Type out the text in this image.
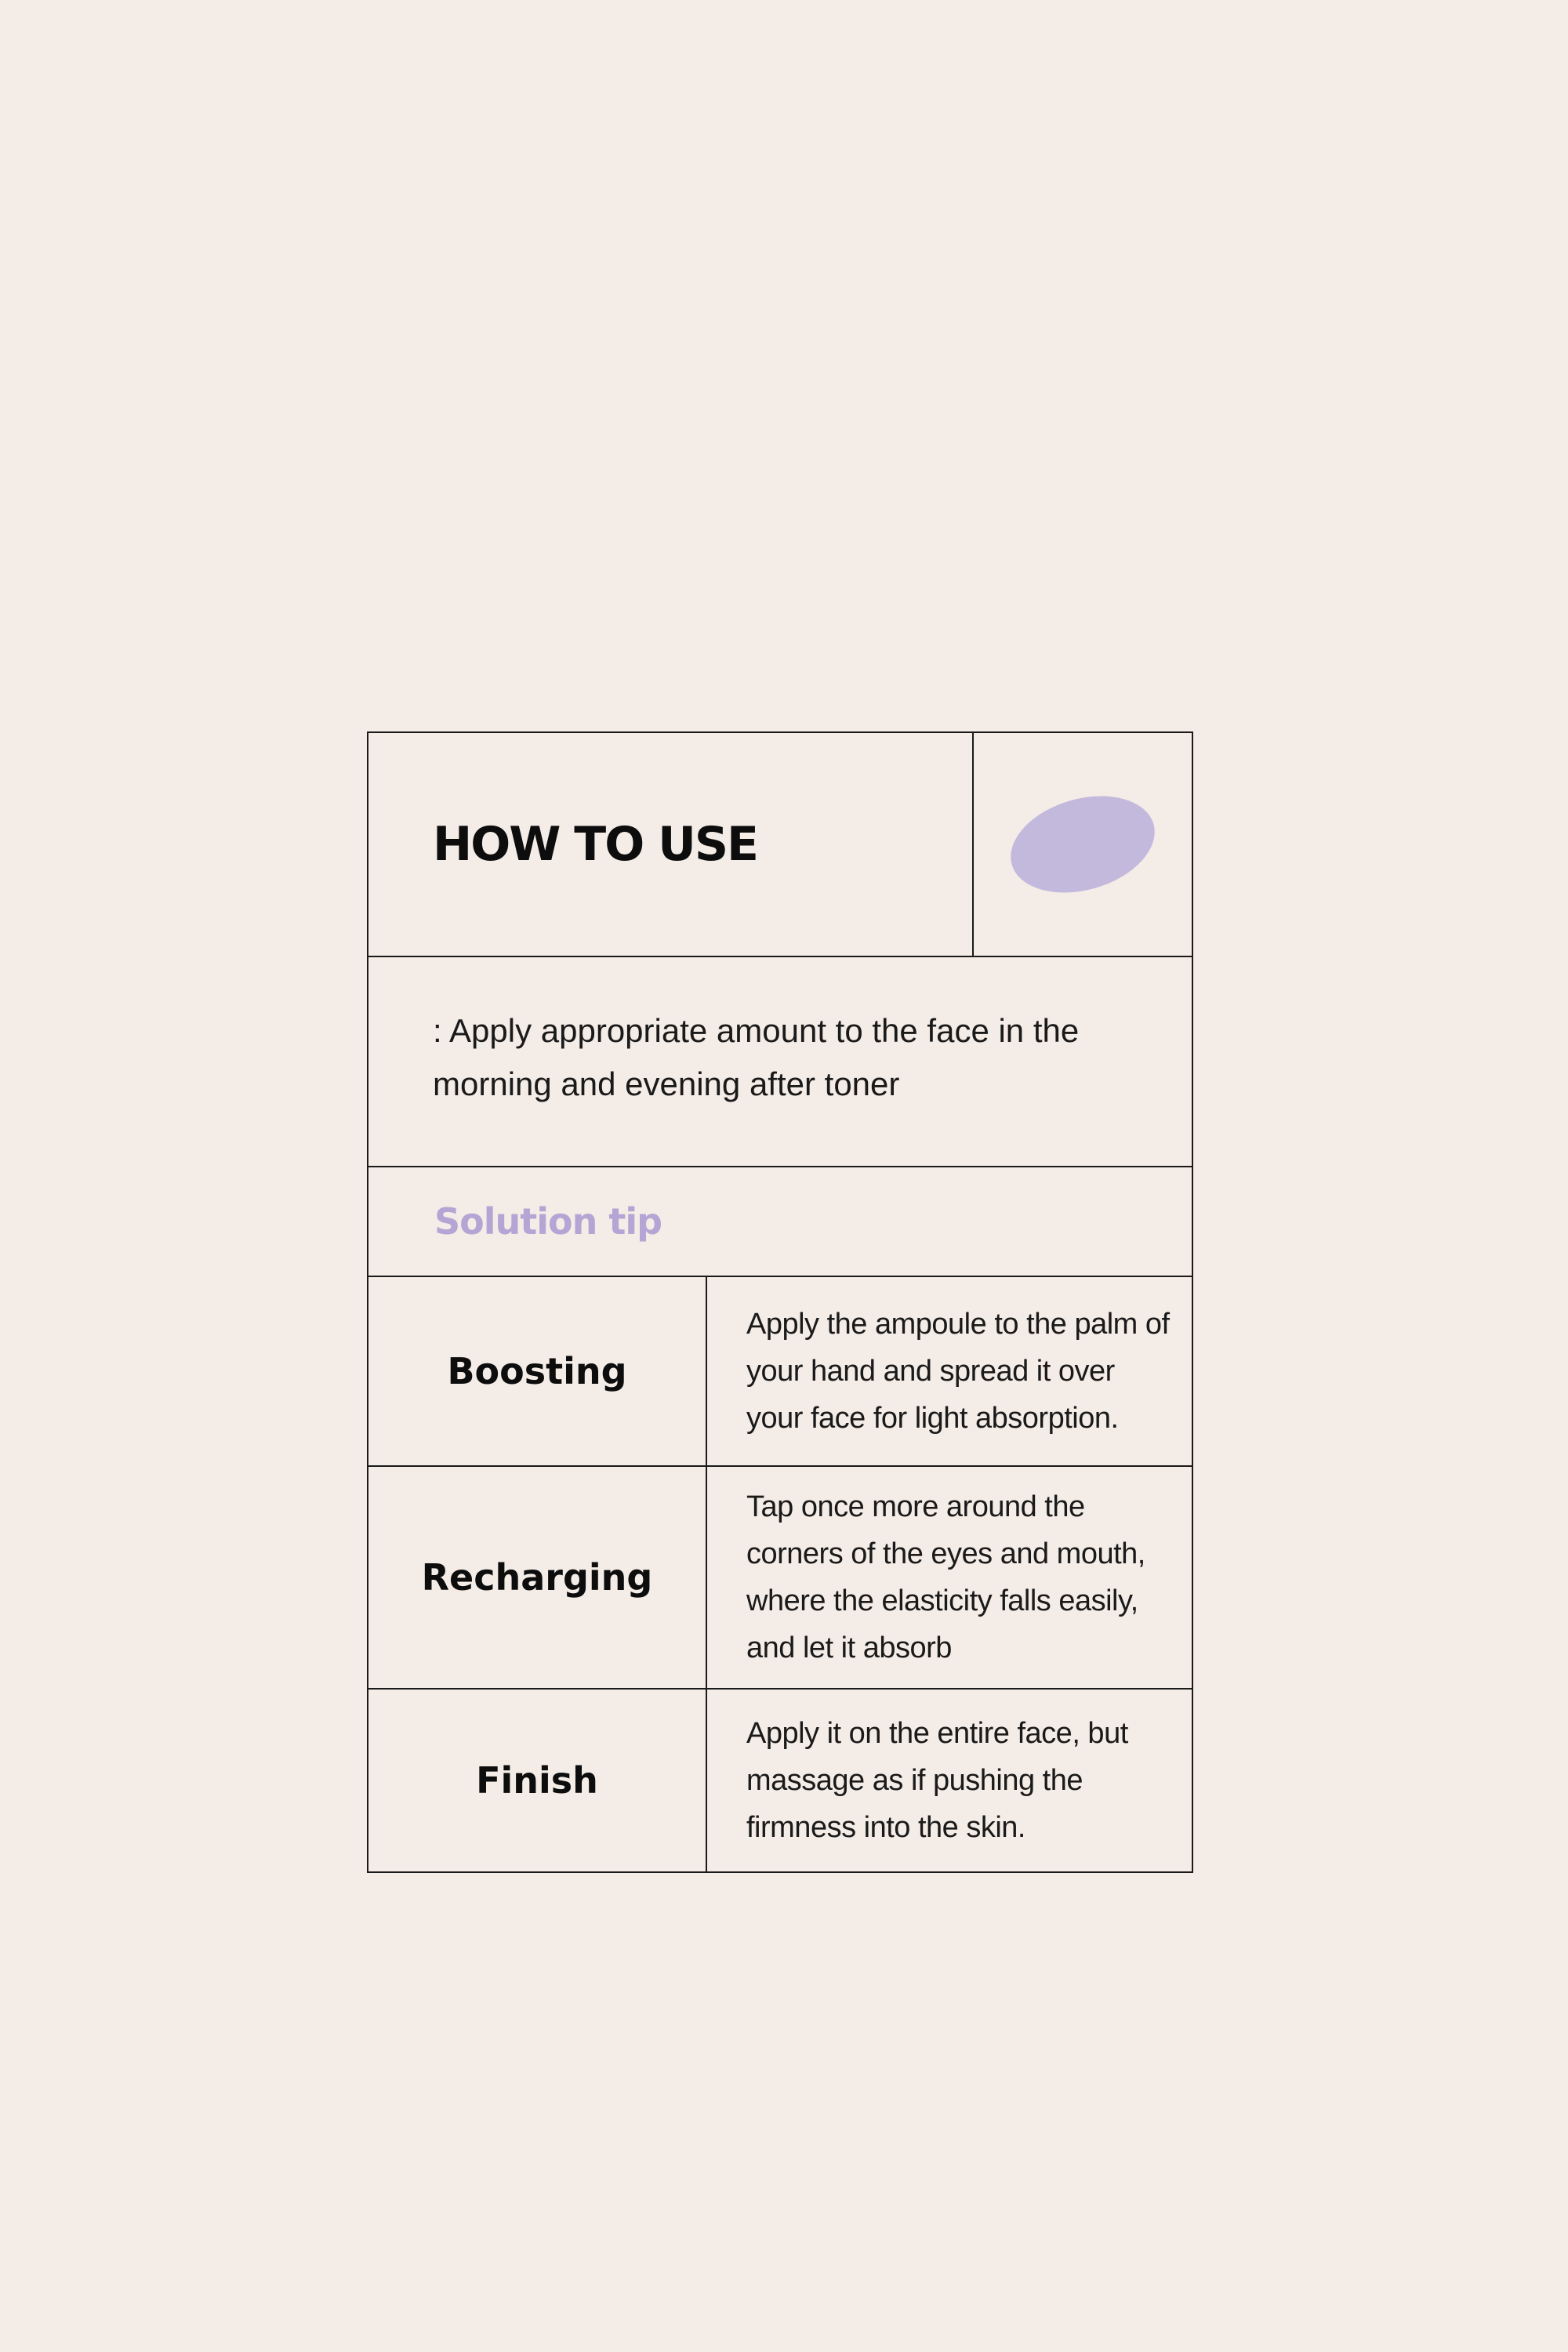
HOW TO USE
: Apply appropriate amount to the face in the morning and evening after toner
Solution tip
Boosting
Apply the ampoule to the palm of your hand and spread it over your face for light absorption.
Recharging
Tap once more around the corners of the eyes and mouth, where the elasticity falls easily, and let it absorb
Finish
Apply it on the entire face, but massage as if pushing the firmness into the skin.
